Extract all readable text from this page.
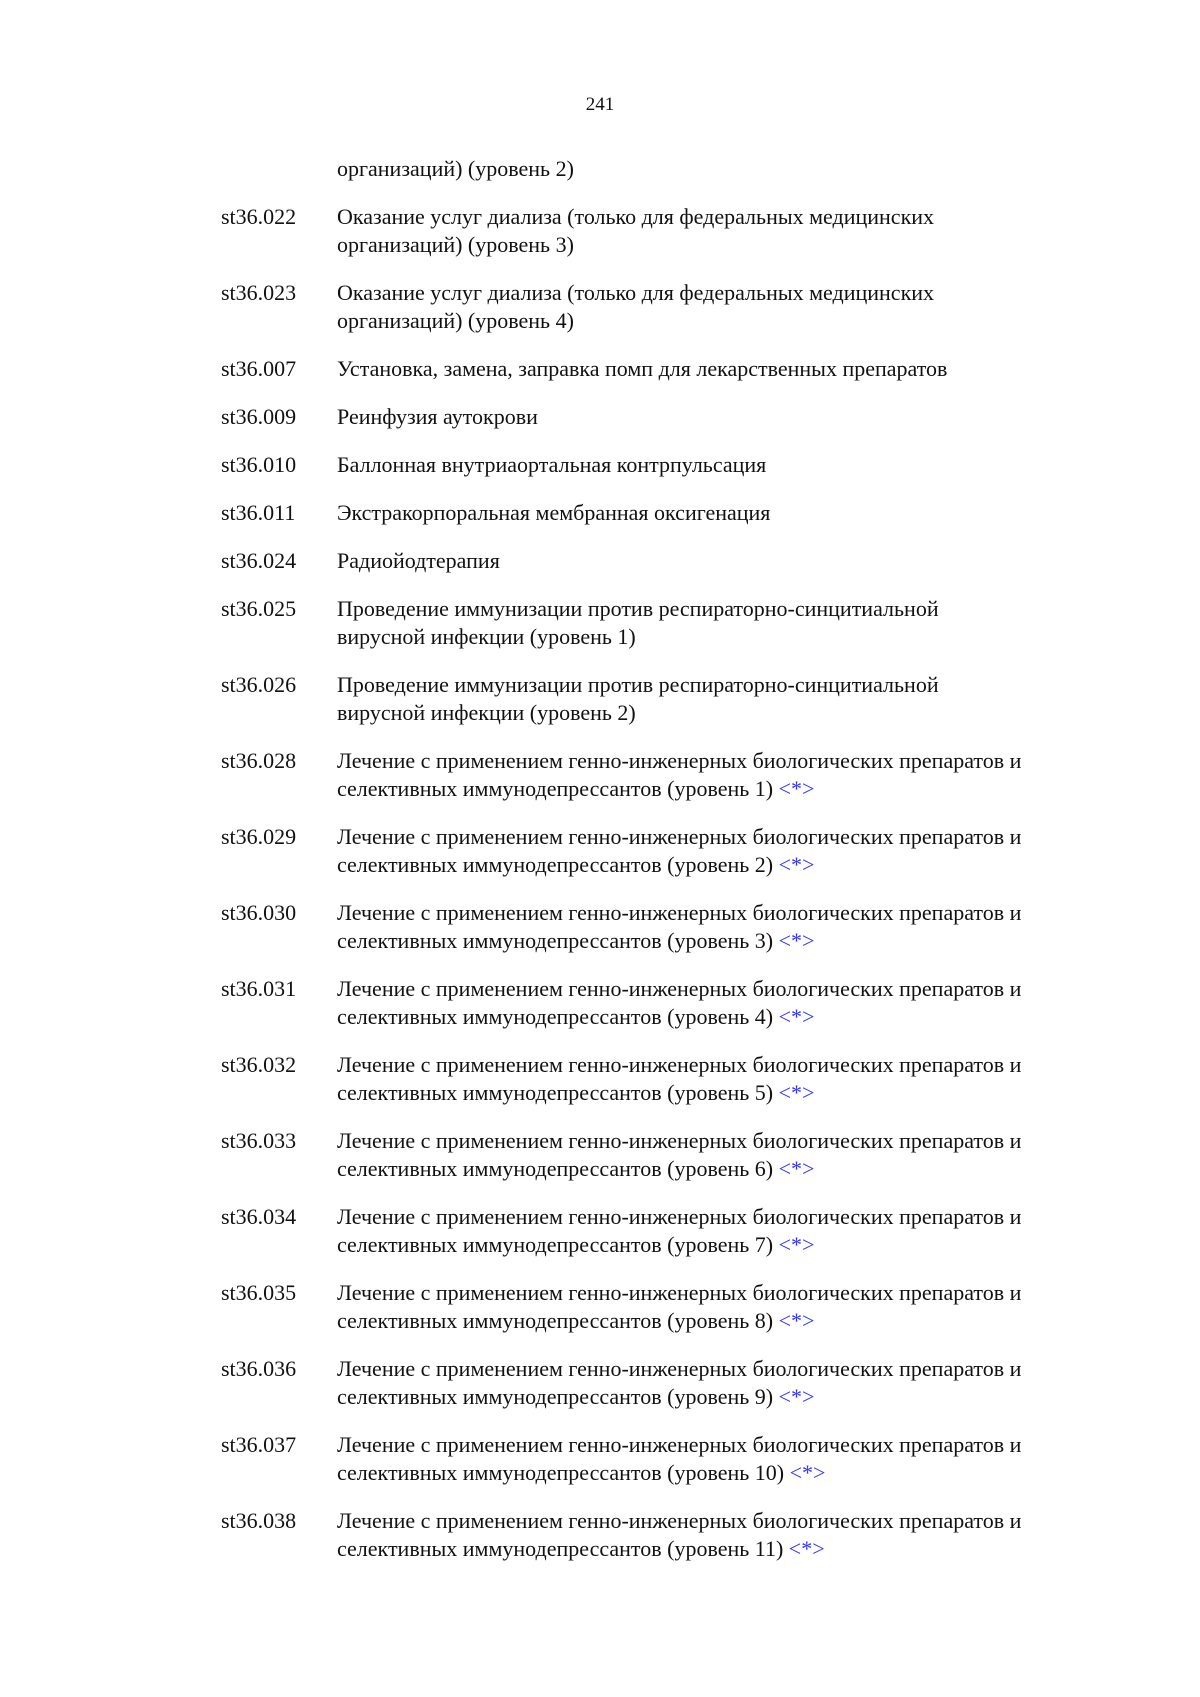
241
организаций) (уровень 2)
st36.022 Оказание услуг диализа (только для федеральных медицинских
организаций) (уровень 3)
st36.023 Оказание услуг диализа (только для федеральных медицинских
организаций) (уровень 4)
st36.007 Установка, замена, заправка помп для лекарственных препаратов
st36.009 Реинфузия аутокрови
st36.010 Баллонная внутриаортальная контрпульсация
st36.011 Экстракорпоральная мембранная оксигенация
st36.024 Радиойодтерапия
st36.025 Проведение иммунизации против респираторно-синцитиальной
вирусной инфекции (уровень 1)
st36.026 Проведение иммунизации против респираторно-синцитиальной
вирусной инфекции (уровень 2)
st36.028 Лечение с применением генно-инженерных биологических препаратов и
селективных иммунодепрессантов (уровень 1) <*>
st36.029 Лечение с применением генно-инженерных биологических препаратов и
селективных иммунодепрессантов (уровень 2) <*>
st36.030 Лечение с применением генно-инженерных биологических препаратов и
селективных иммунодепрессантов (уровень 3) <*>
st36.031 Лечение с применением генно-инженерных биологических препаратов и
селективных иммунодепрессантов (уровень 4) <*>
st36.032 Лечение с применением генно-инженерных биологических препаратов и
селективных иммунодепрессантов (уровень 5) <*>
st36.033 Лечение с применением генно-инженерных биологических препаратов и
селективных иммунодепрессантов (уровень 6) <*>
st36.034 Лечение с применением генно-инженерных биологических препаратов и
селективных иммунодепрессантов (уровень 7) <*>
st36.035 Лечение с применением генно-инженерных биологических препаратов и
селективных иммунодепрессантов (уровень 8) <*>
st36.036 Лечение с применением генно-инженерных биологических препаратов и
селективных иммунодепрессантов (уровень 9) <*>
st36.037 Лечение с применением генно-инженерных биологических препаратов и
селективных иммунодепрессантов (уровень 10) <*>
st36.038 Лечение с применением генно-инженерных биологических препаратов и
селективных иммунодепрессантов (уровень 11) <*>
